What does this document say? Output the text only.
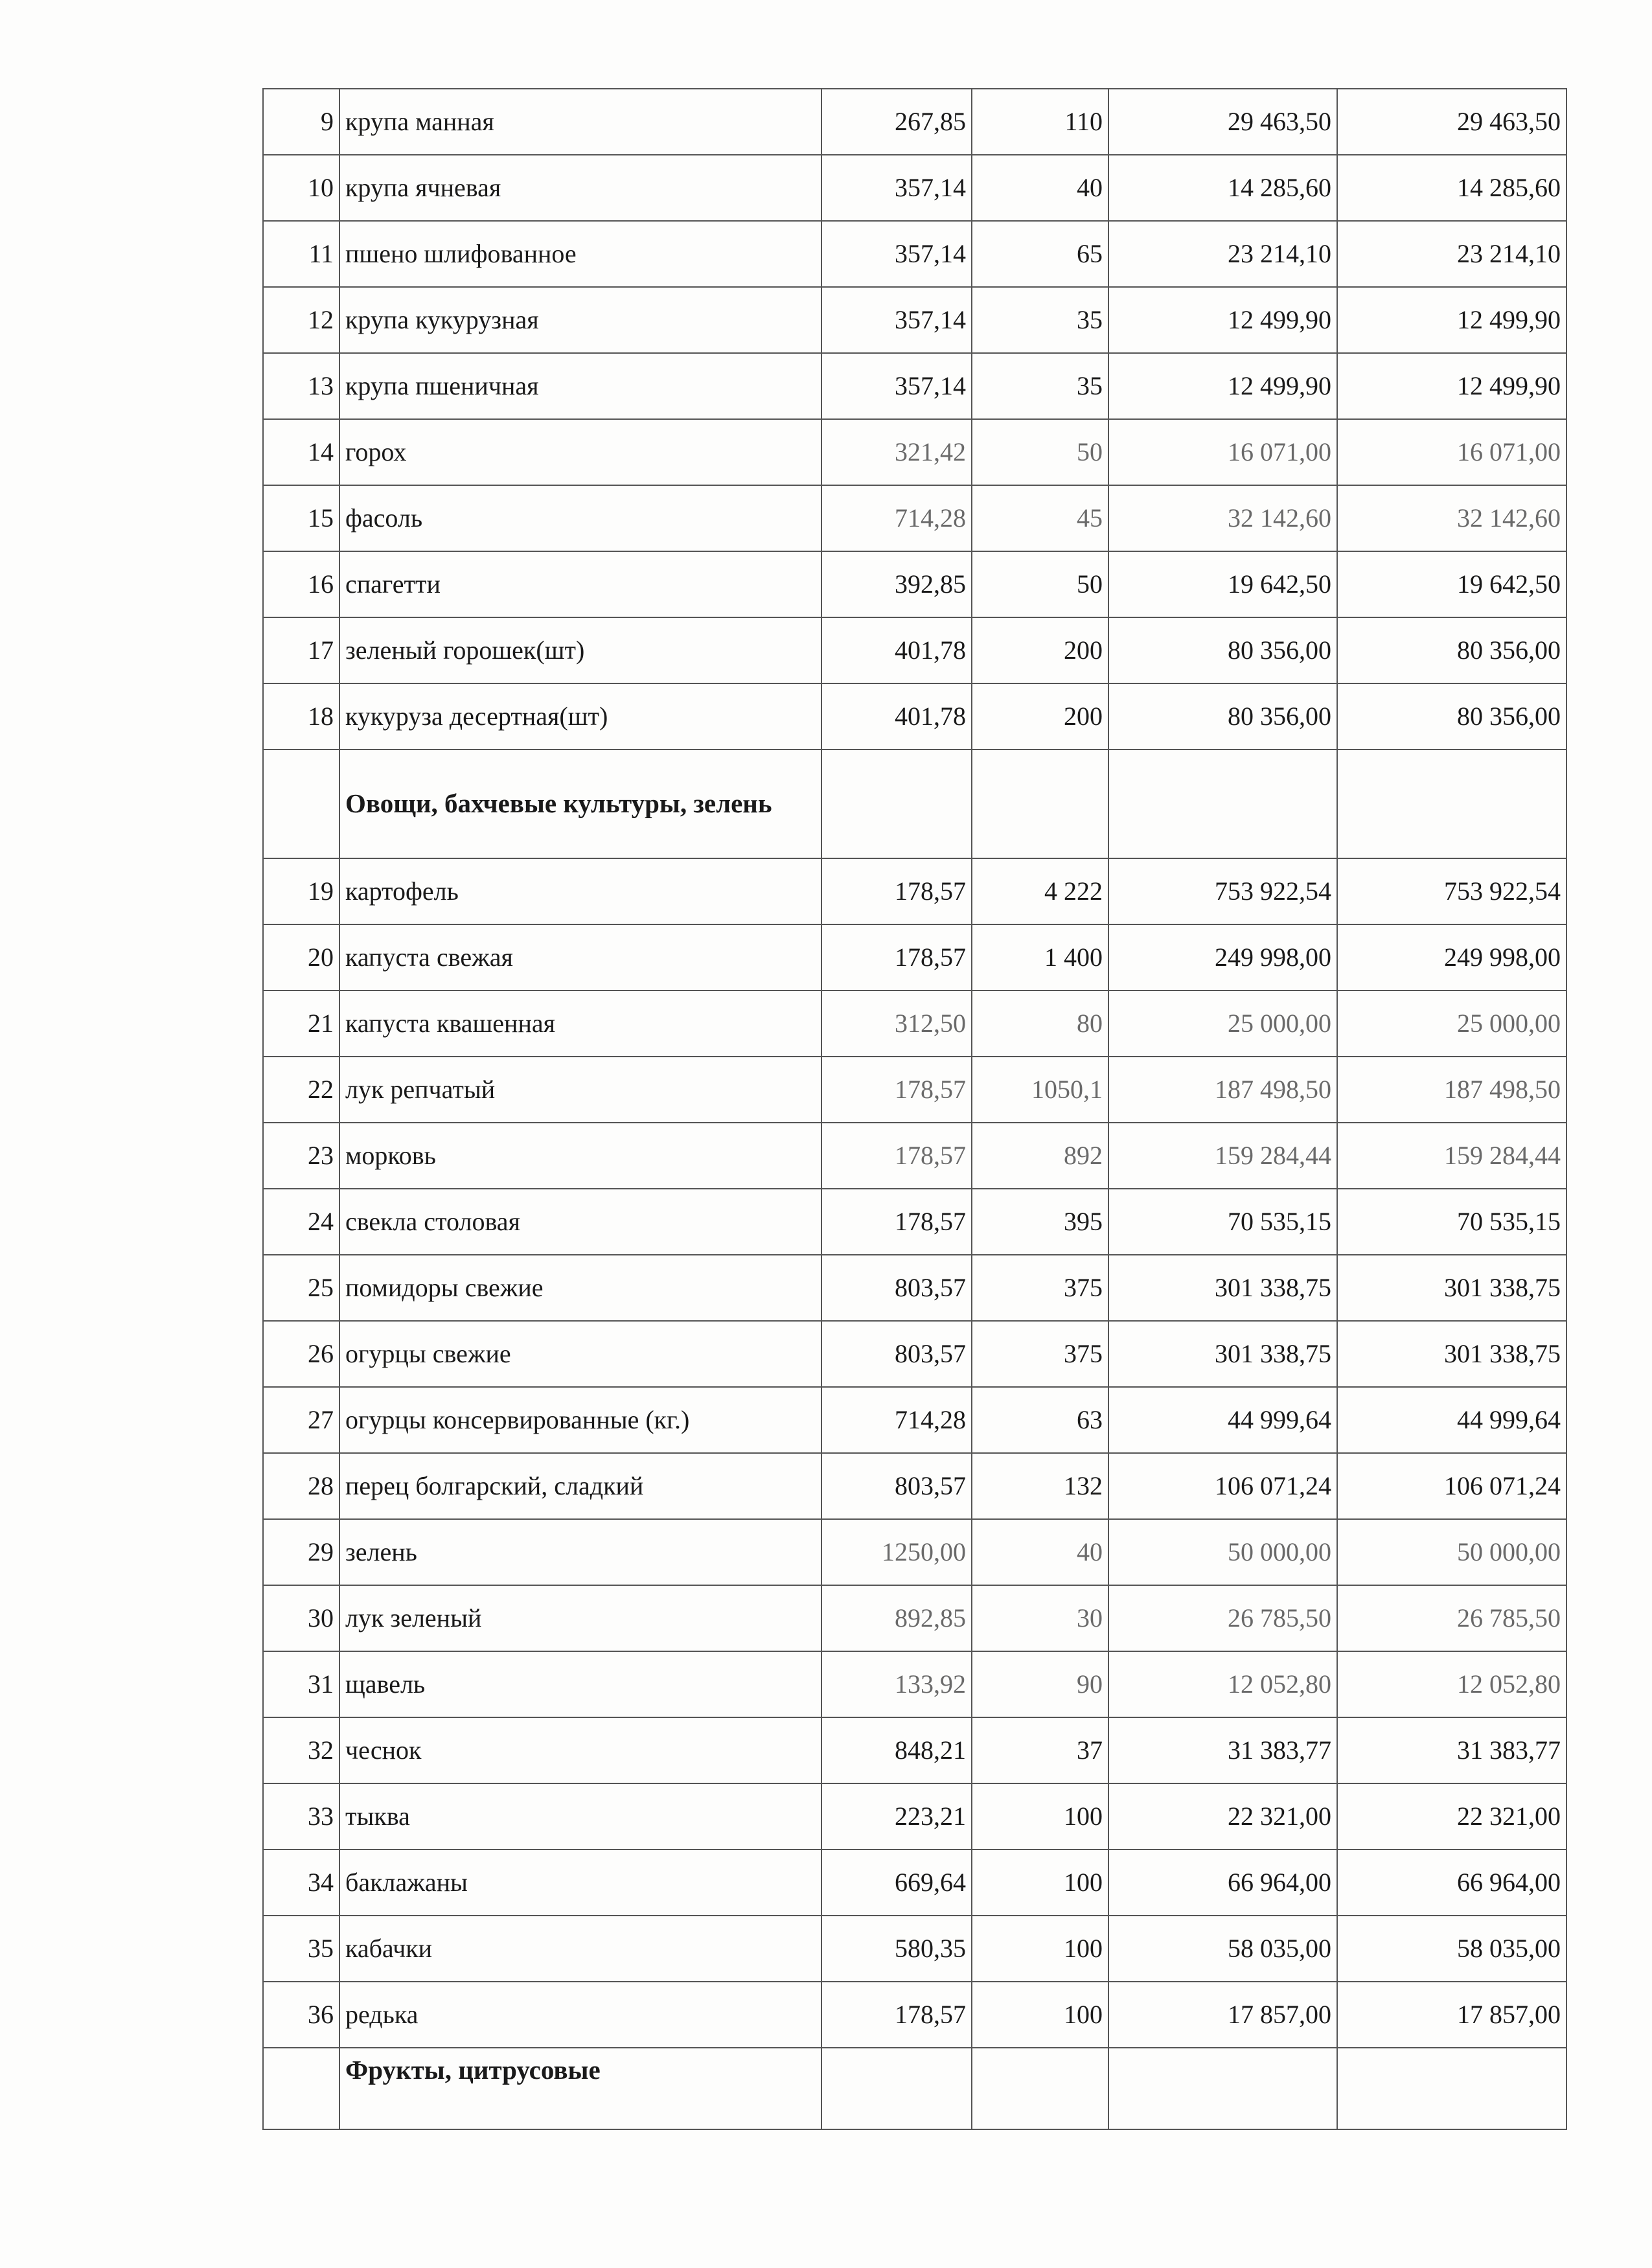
9	крупа манная	267,85	110	29 463,50	29 463,50
10	крупа ячневая	357,14	40	14 285,60	14 285,60
11	пшено шлифованное	357,14	65	23 214,10	23 214,10
12	крупа кукурузная	357,14	35	12 499,90	12 499,90
13	крупа пшеничная	357,14	35	12 499,90	12 499,90
14	горох	321,42	50	16 071,00	16 071,00
15	фасоль	714,28	45	32 142,60	32 142,60
16	спагетти	392,85	50	19 642,50	19 642,50
17	зеленый горошек(шт)	401,78	200	80 356,00	80 356,00
18	кукуруза десертная(шт)	401,78	200	80 356,00	80 356,00
	Овощи, бахчевые культуры, зелень				
19	картофель	178,57	4 222	753 922,54	753 922,54
20	капуста свежая	178,57	1 400	249 998,00	249 998,00
21	капуста квашенная	312,50	80	25 000,00	25 000,00
22	лук репчатый	178,57	1050,1	187 498,50	187 498,50
23	морковь	178,57	892	159 284,44	159 284,44
24	свекла столовая	178,57	395	70 535,15	70 535,15
25	помидоры свежие	803,57	375	301 338,75	301 338,75
26	огурцы свежие	803,57	375	301 338,75	301 338,75
27	огурцы консервированные (кг.)	714,28	63	44 999,64	44 999,64
28	перец болгарский, сладкий	803,57	132	106 071,24	106 071,24
29	зелень	1250,00	40	50 000,00	50 000,00
30	лук зеленый	892,85	30	26 785,50	26 785,50
31	щавель	133,92	90	12 052,80	12 052,80
32	чеснок	848,21	37	31 383,77	31 383,77
33	тыква	223,21	100	22 321,00	22 321,00
34	баклажаны	669,64	100	66 964,00	66 964,00
35	кабачки	580,35	100	58 035,00	58 035,00
36	редька	178,57	100	17 857,00	17 857,00
	Фрукты, цитрусовые				
